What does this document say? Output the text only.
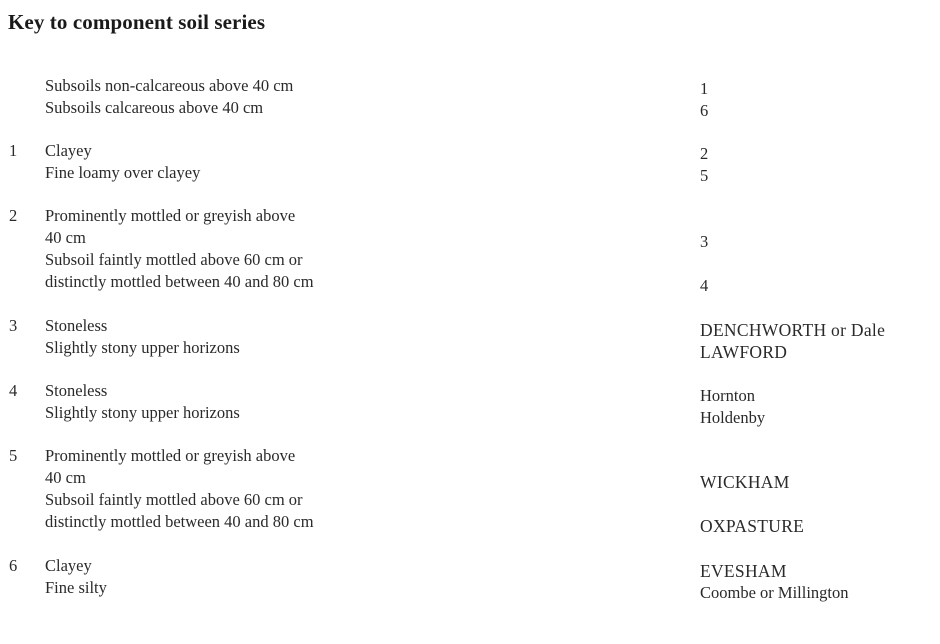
Key to component soil series
Subsoils non-calcareous above 40 cm
Subsoils calcareous above 40 cm
1
6
1 Clayey
Fine loamy over clayey
2
5
2 Prominently mottled or greyish above
40 cm
Subsoil faintly mottled above 60 cm or
distinctly mottled between 40 and 80 cm
3
4
3 Stoneless
Slightly stony upper horizons
DENCHWORTH or Dale
LAWFORD
4 Stoneless
Slightly stony upper horizons
Hornton
Holdenby
5 Prominently mottled or greyish above
40 cm
Subsoil faintly mottled above 60 cm or
distinctly mottled between 40 and 80 cm
WICKHAM
OXPASTURE
6 Clayey
Fine silty
EVESHAM
Coombe or Millington
